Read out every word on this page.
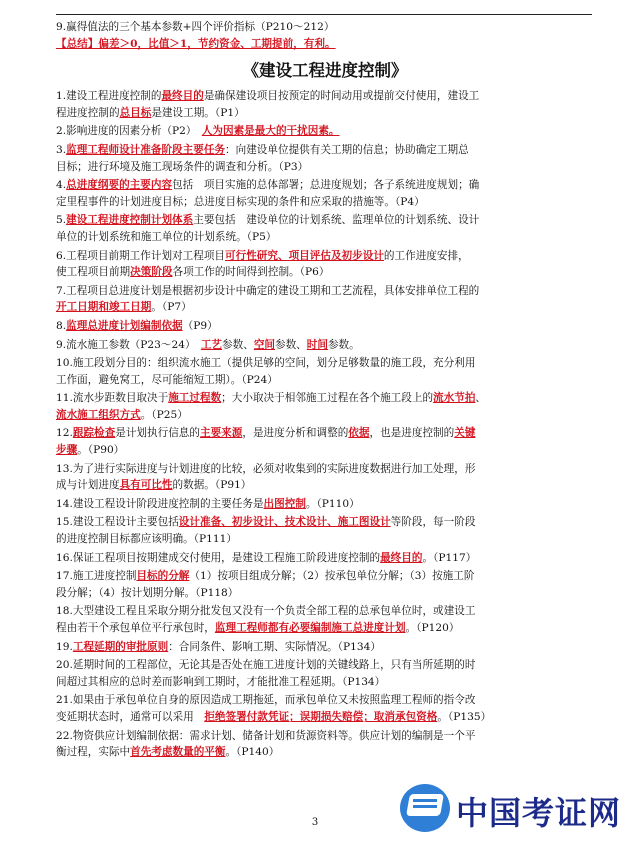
9.赢得值法的三个基本参数+四个评价指标（P210～212）
【总结】偏差＞0，比值＞1，节约资金、工期提前，有利。
《建设工程进度控制》
1.建设工程进度控制的最终目的是确保建设项目按预定的时间动用或提前交付使用，建设工
程进度控制的总目标是建设工期。（P1）
2.影响进度的因素分析（P2）　 人为因素是最大的干扰因素。
3.监理工程师设计准备阶段主要任务：向建设单位提供有关工期的信息；协助确定工期总
目标；进行环境及施工现场条件的调查和分析。（P3）
4.总进度纲要的主要内容包括　项目实施的总体部署；总进度规划；各子系统进度规划；确
定里程事件的计划进度目标；总进度目标实现的条件和应采取的措施等。（P4）
5.建设工程进度控制计划体系主要包括　建设单位的计划系统、监理单位的计划系统、设计
单位的计划系统和施工单位的计划系统。（P5）
6.工程项目前期工作计划对工程项目可行性研究、项目评估及初步设计的工作进度安排，
使工程项目前期决策阶段各项工作的时间得到控制。（P6）
7.工程项目总进度计划是根据初步设计中确定的建设工期和工艺流程，具体安排单位工程的
开工日期和竣工日期。（P7）
8.监理总进度计划编制依据（P9）
9.流水施工参数（P23～24）　 工艺参数、空间参数、时间参数。
10.施工段划分目的：组织流水施工（提供足够的空间，划分足够数量的施工段，充分利用
工作面，避免窝工，尽可能缩短工期）。（P24）
11.流水步距数目取决于施工过程数；大小取决于相邻施工过程在各个施工段上的流水节拍、
流水施工组织方式。（P25）
12.跟踪检查是计划执行信息的主要来源，是进度分析和调整的依据，也是进度控制的关键
步骤。（P90）
13.为了进行实际进度与计划进度的比较，必须对收集到的实际进度数据进行加工处理，形
成与计划进度具有可比性的数据。（P91）
14.建设工程设计阶段进度控制的主要任务是出图控制。（P110）
15.建设工程设计主要包括设计准备、初步设计、技术设计、施工图设计等阶段，每一阶段
的进度控制目标都应该明确。（P111）
16.保证工程项目按期建成交付使用，是建设工程施工阶段进度控制的最终目的。（P117）
17.施工进度控制目标的分解（1）按项目组成分解；（2）按承包单位分解；（3）按施工阶
段分解；（4）按计划期分解。（P118）
18.大型建设工程且采取分期分批发包又没有一个负责全部工程的总承包单位时，或建设工
程由若干个承包单位平行承包时，监理工程师都有必要编制施工总进度计划。（P120）
19.工程延期的审批原则：合同条件、影响工期、实际情况。（P134）
20.延期时间的工程部位，无论其是否处在施工进度计划的关键线路上，只有当所延期的时
间超过其相应的总时差而影响到工期时，才能批准工程延期。（P134）
21.如果由于承包单位自身的原因造成工期拖延，而承包单位又未按照监理工程师的指令改
变延期状态时，通常可以采用　拒绝签署付款凭证；误期损失赔偿；取消承包资格。（P135）
22.物资供应计划编制依据：需求计划、储备计划和货源资料等。供应计划的编制是一个平
衡过程，实际中首先考虑数量的平衡。（P140）
3	中国考证网
